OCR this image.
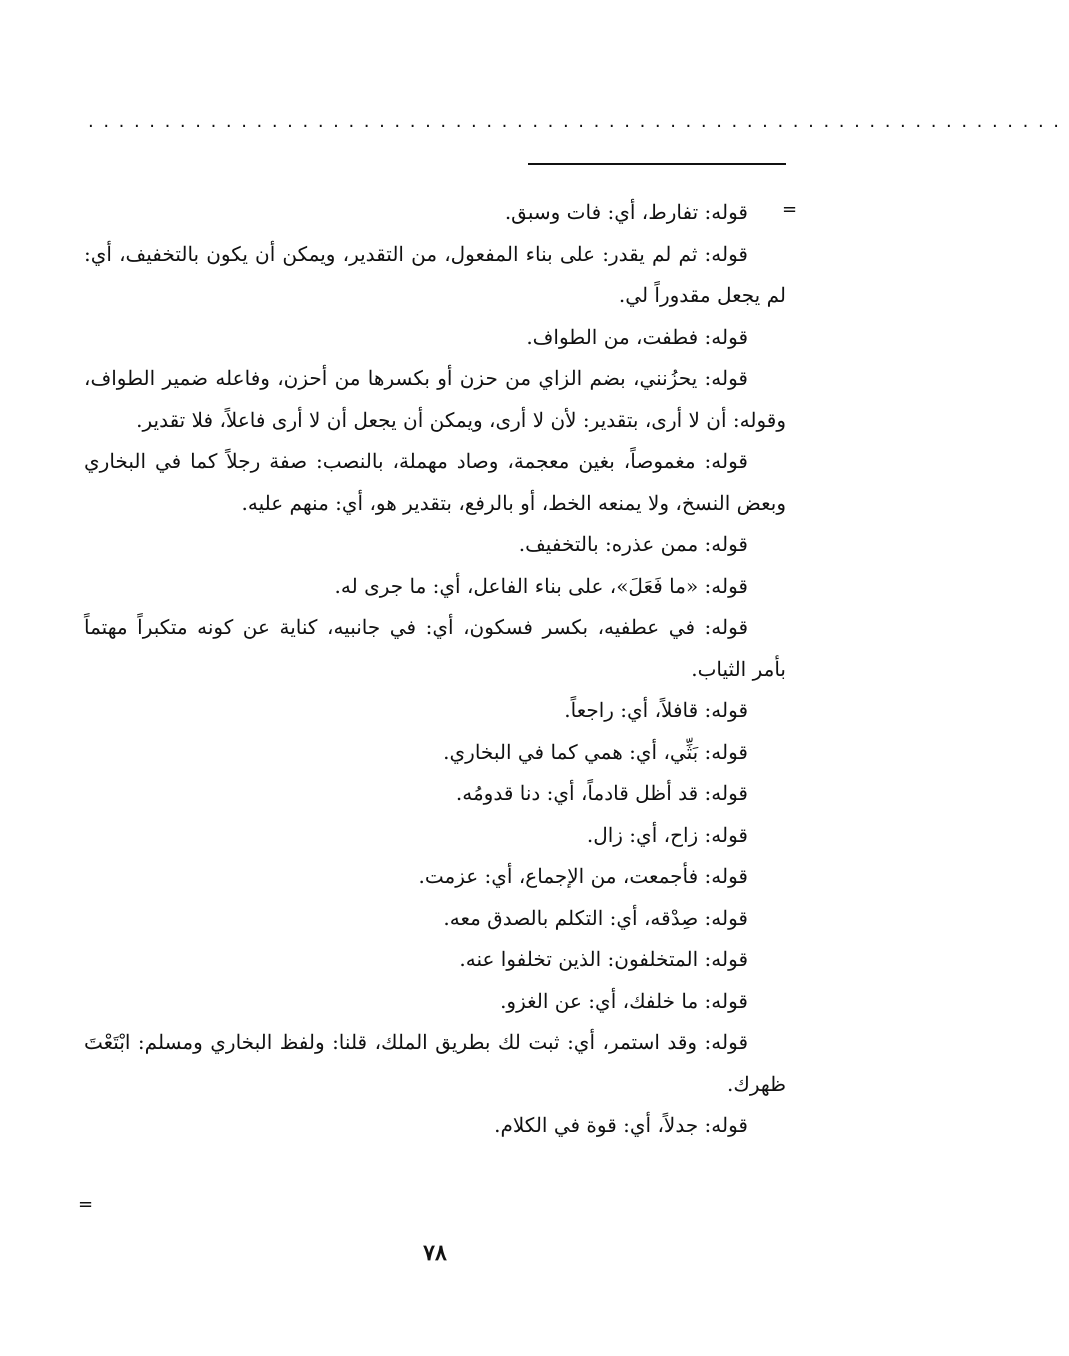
................................................................
=

قوله: تفارط، أي: فات وسبق.

قوله: ثم لم يقدر: على بناء المفعول، من التقدير، ويمكن أن يكون بالتخفيف، أي: لم يجعل مقدوراً لي.

قوله: فطفت، من الطواف.

قوله: يحزُنني، بضم الزاي من حزن أو بكسرها من أحزن، وفاعله ضمير الطواف، وقوله: أن لا أرى، بتقدير: لأن لا أرى، ويمكن أن يجعل أن لا أرى فاعلاً، فلا تقدير.

قوله: مغموصاً، بغين معجمة، وصاد مهملة، بالنصب: صفة رجلاً كما في البخاري وبعض النسخ، ولا يمنعه الخط، أو بالرفع، بتقدير هو، أي: منهم عليه.

قوله: ممن عذره: بالتخفيف.

قوله: «ما فَعَلَ»، على بناء الفاعل، أي: ما جرى له.

قوله: في عطفيه، بكسر فسكون، أي: في جانبيه، كناية عن كونه متكبراً مهتماً بأمر الثياب.

قوله: قافلاً، أي: راجعاً.

قوله: بَثِّي، أي: همي كما في البخاري.

قوله: قد أظل قادماً، أي: دنا قدومُه.

قوله: زاح، أي: زال.

قوله: فأجمعت، من الإجماع، أي: عزمت.

قوله: صِدْقه، أي: التكلم بالصدق معه.

قوله: المتخلفون: الذين تخلفوا عنه.

قوله: ما خلفك، أي: عن الغزو.

قوله: وقد استمر، أي: ثبت لك بطريق الملك، قلنا: ولفظ البخاري ومسلم: ابْتَعْتَ ظهرك.

قوله: جدلاً، أي: قوة في الكلام.

=
٧٨
